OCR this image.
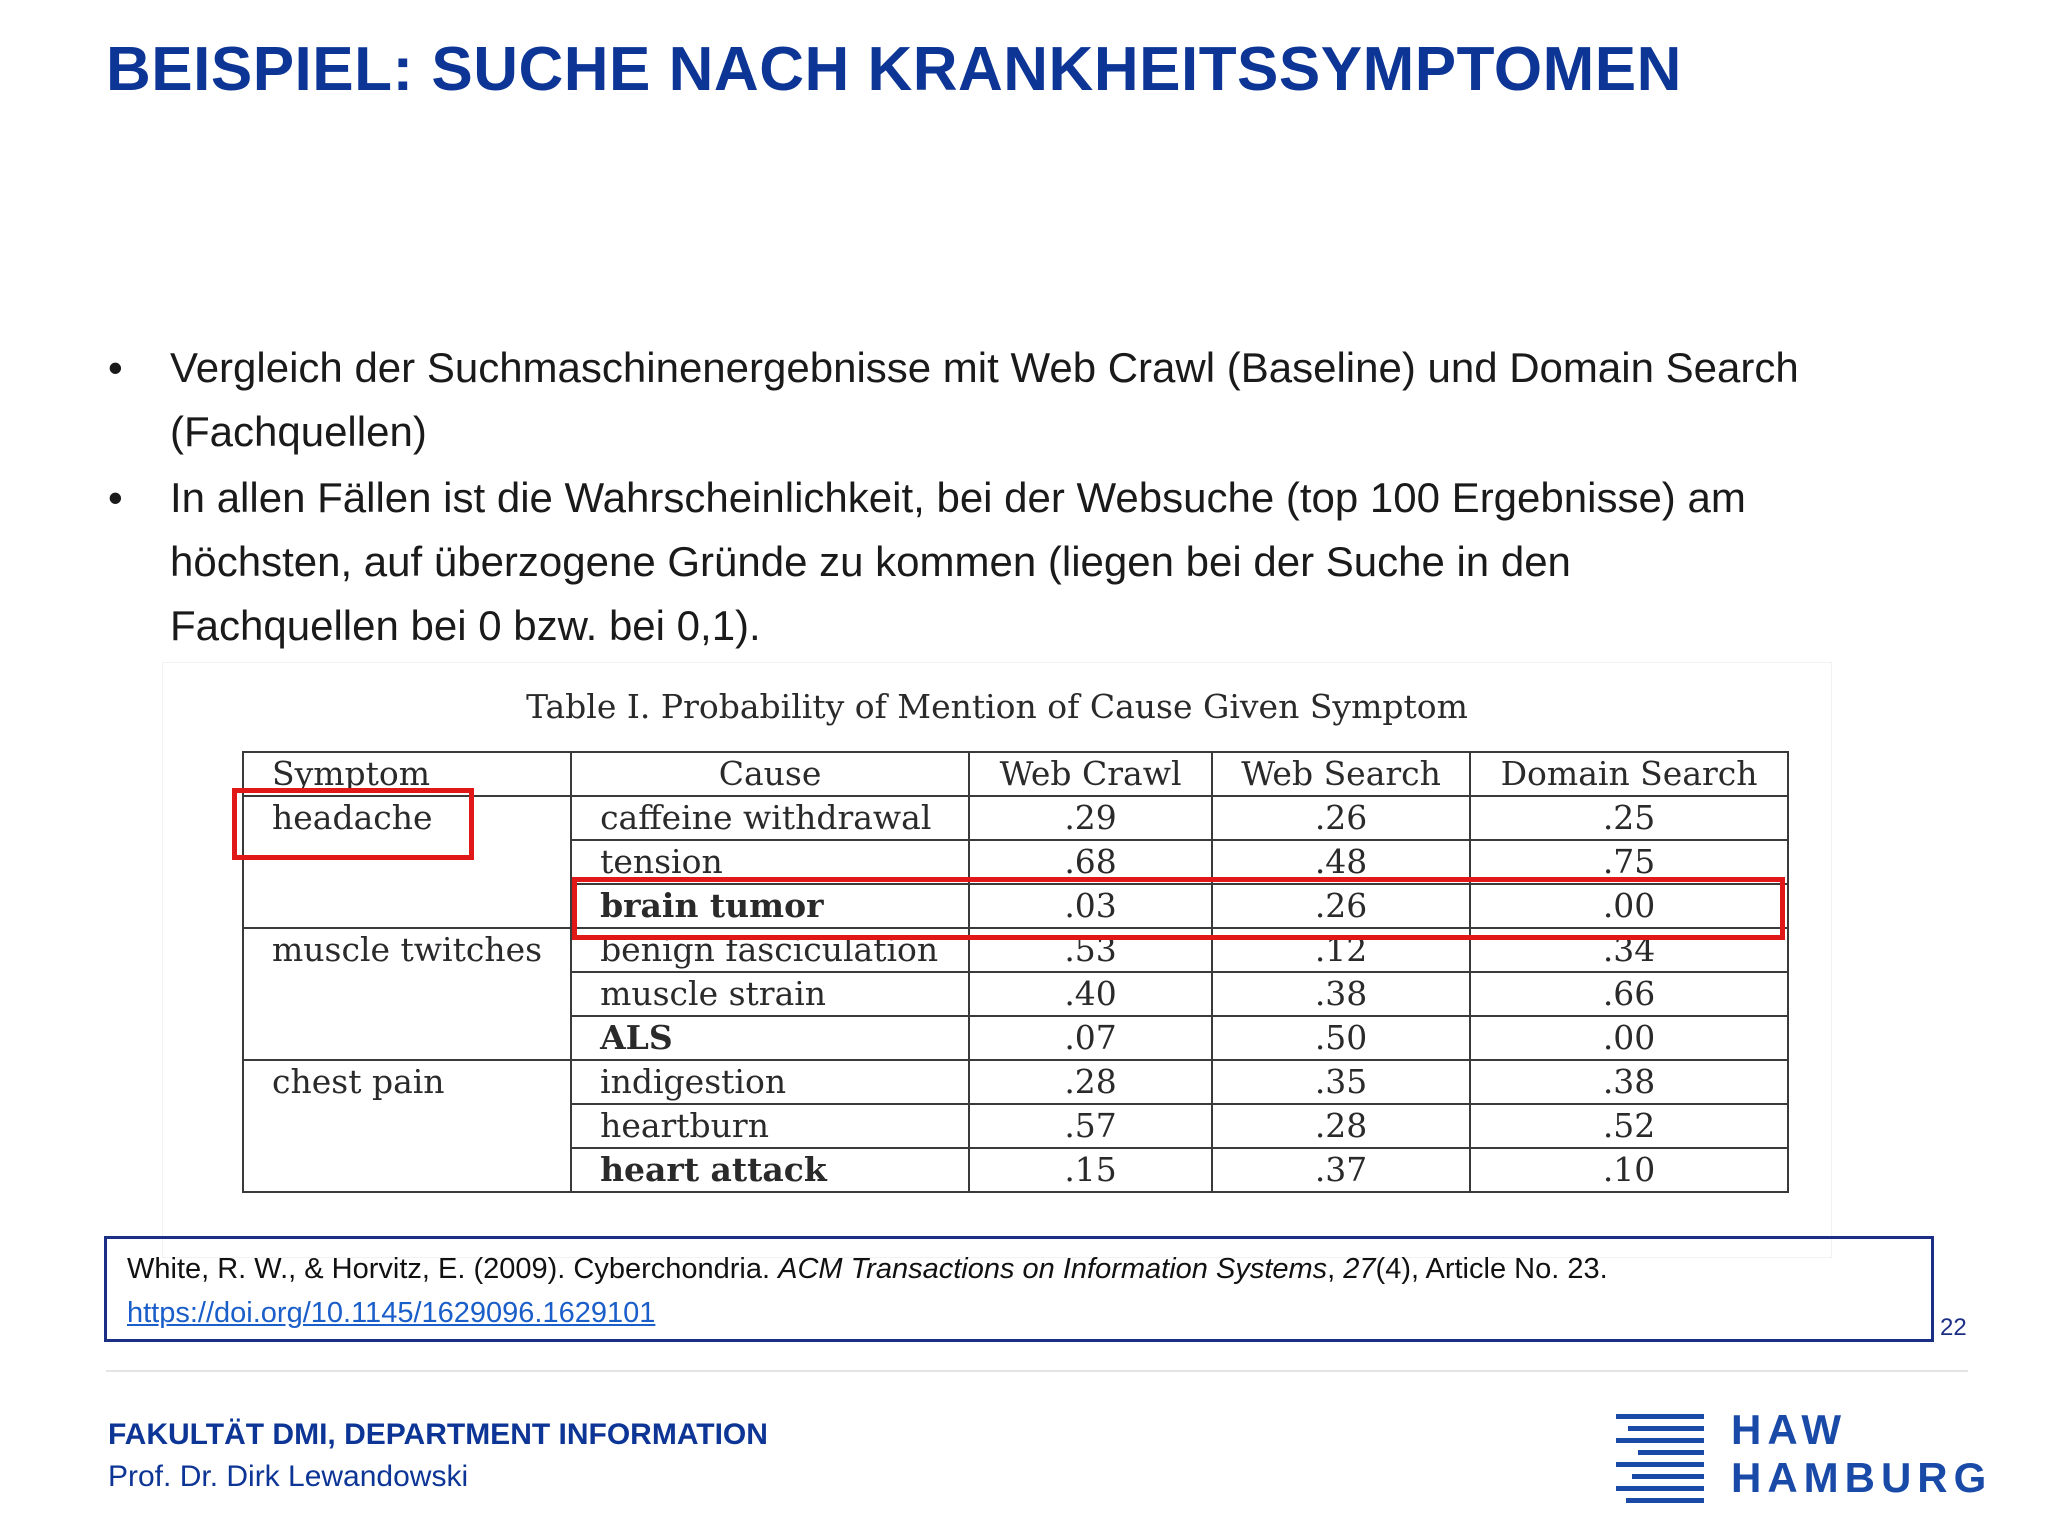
BEISPIEL: SUCHE NACH KRANKHEITSSYMPTOMEN
• Vergleich der Suchmaschinenergebnisse mit Web Crawl (Baseline) und Domain Search
(Fachquellen)
• In allen Fällen ist die Wahrscheinlichkeit, bei der Websuche (top 100 Ergebnisse) am
höchsten, auf überzogene Gründe zu kommen (liegen bei der Suche in den
Fachquellen bei 0 bzw. bei 0,1).
Table I. Probability of Mention of Cause Given Symptom
Symptom	Cause	Web Crawl	Web Search	Domain Search
headache	caffeine withdrawal	.29	.26	.25
	tension	.68	.48	.75
	brain tumor	.03	.26	.00
muscle twitches	benign fasciculation	.53	.12	.34
	muscle strain	.40	.38	.66
	ALS	.07	.50	.00
chest pain	indigestion	.28	.35	.38
	heartburn	.57	.28	.52
	heart attack	.15	.37	.10
White, R. W., & Horvitz, E. (2009). Cyberchondria. ACM Transactions on Information Systems, 27(4), Article No. 23.
https://doi.org/10.1145/1629096.1629101	22
FAKULTÄT DMI, DEPARTMENT INFORMATION
Prof. Dr. Dirk Lewandowski
HAW
HAMBURG
